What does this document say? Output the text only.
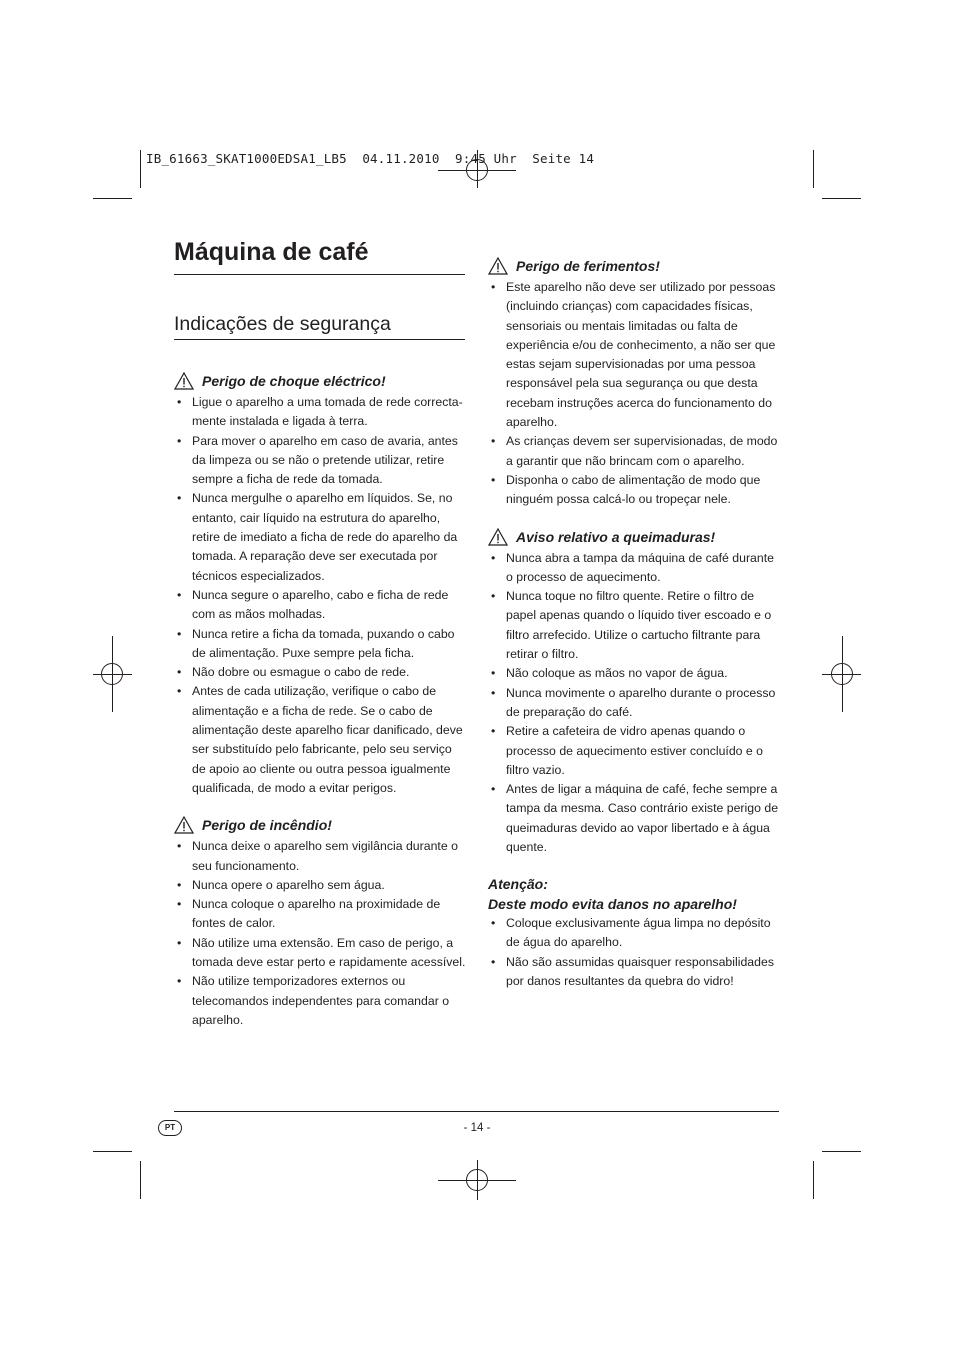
IB_61663_SKAT1000EDSA1_LB5  04.11.2010  9:45 Uhr  Seite 14
Máquina de café
Indicações de segurança
Perigo de choque eléctrico!
• Ligue o aparelho a uma tomada de rede correcta-mente instalada e ligada à terra.
• Para mover o aparelho em caso de avaria, antes da limpeza ou se não o pretende utilizar, retire sempre a ficha de rede da tomada.
• Nunca mergulhe o aparelho em líquidos. Se, no entanto, cair líquido na estrutura do aparelho, retire de imediato a ficha de rede do aparelho da tomada. A reparação deve ser executada por técnicos especializados.
• Nunca segure o aparelho, cabo e ficha de rede com as mãos molhadas.
• Nunca retire a ficha da tomada, puxando o cabo de alimentação. Puxe sempre pela ficha.
• Não dobre ou esmague o cabo de rede.
• Antes de cada utilização, verifique o cabo de alimentação e a ficha de rede. Se o cabo de alimentação deste aparelho ficar danificado, deve ser substituído pelo fabricante, pelo seu serviço de apoio ao cliente ou outra pessoa igualmente qualificada, de modo a evitar perigos.
Perigo de incêndio!
• Nunca deixe o aparelho sem vigilância durante o seu funcionamento.
• Nunca opere o aparelho sem água.
• Nunca coloque o aparelho na proximidade de fontes de calor.
• Não utilize uma extensão. Em caso de perigo, a tomada deve estar perto e rapidamente acessível.
• Não utilize temporizadores externos ou telecomandos independentes para comandar o aparelho.
Perigo de ferimentos!
• Este aparelho não deve ser utilizado por pessoas (incluindo crianças) com capacidades físicas, sensoriais ou mentais limitadas ou falta de experiência e/ou de conhecimento, a não ser que estas sejam supervisionadas por uma pessoa responsável pela sua segurança ou que desta recebam instruções acerca do funcionamento do aparelho.
• As crianças devem ser supervisionadas, de modo a garantir que não brincam com o aparelho.
• Disponha o cabo de alimentação de modo que ninguém possa calcá-lo ou tropeçar nele.
Aviso relativo a queimaduras!
• Nunca abra a tampa da máquina de café durante o processo de aquecimento.
• Nunca toque no filtro quente. Retire o filtro de papel apenas quando o líquido tiver escoado e o filtro arrefecido. Utilize o cartucho filtrante para retirar o filtro.
• Não coloque as mãos no vapor de água.
• Nunca movimente o aparelho durante o processo de preparação do café.
• Retire a cafeteira de vidro apenas quando o processo de aquecimento estiver concluído e o filtro vazio.
• Antes de ligar a máquina de café, feche sempre a tampa da mesma. Caso contrário existe perigo de queimaduras devido ao vapor libertado e à água quente.
Atenção:
Deste modo evita danos no aparelho!
• Coloque exclusivamente água limpa no depósito de água do aparelho.
• Não são assumidas quaisquer responsabilidades por danos resultantes da quebra do vidro!
PT	- 14 -
